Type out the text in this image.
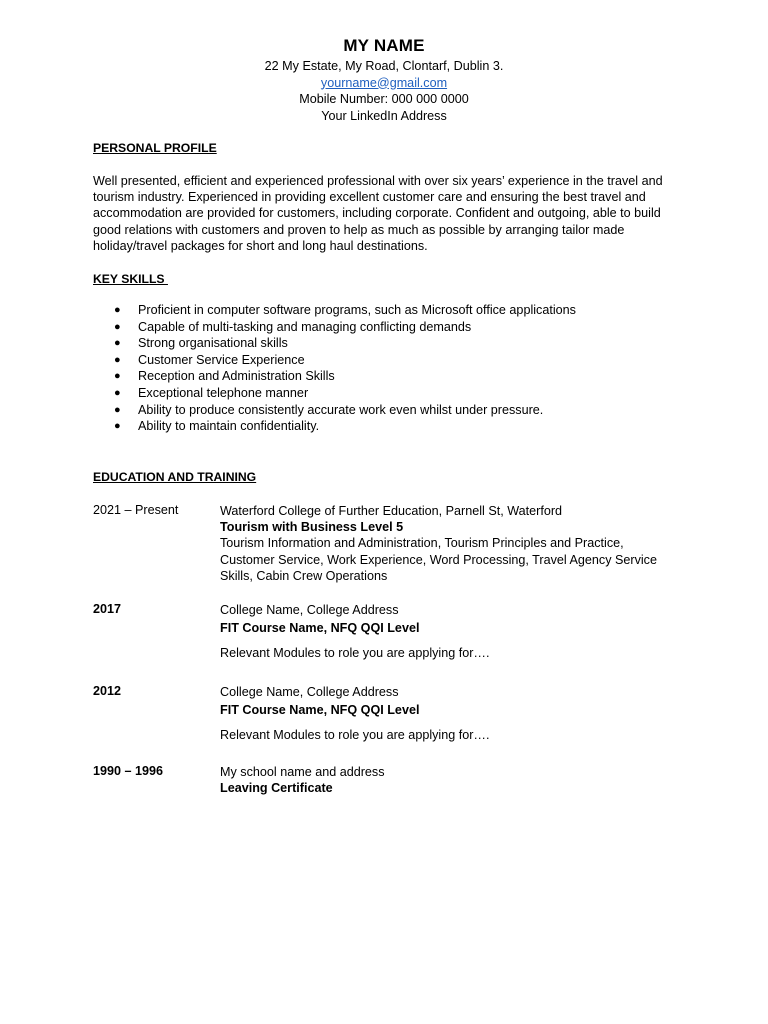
MY NAME
22 My Estate, My Road, Clontarf, Dublin 3.
yourname@gmail.com
Mobile Number: 000 000 0000
Your LinkedIn Address
PERSONAL PROFILE
Well presented, efficient and experienced professional with over six years’ experience in the travel and tourism industry. Experienced in providing excellent customer care and ensuring the best travel and accommodation are provided for customers, including corporate. Confident and outgoing, able to build good relations with customers and proven to help as much as possible by arranging tailor made holiday/travel packages for short and long haul destinations.
KEY SKILLS
● Proficient in computer software programs, such as Microsoft office applications
● Capable of multi-tasking and managing conflicting demands
● Strong organisational skills
● Customer Service Experience
● Reception and Administration Skills
● Exceptional telephone manner
● Ability to produce consistently accurate work even whilst under pressure.
● Ability to maintain confidentiality.
EDUCATION AND TRAINING
2021 – Present	Waterford College of Further Education, Parnell St, Waterford
Tourism with Business Level 5
Tourism Information and Administration, Tourism Principles and Practice, Customer Service, Work Experience, Word Processing, Travel Agency Service Skills, Cabin Crew Operations
2017	College Name, College Address
FIT Course Name, NFQ QQI Level
Relevant Modules to role you are applying for….
2012	College Name, College Address
FIT Course Name, NFQ QQI Level
Relevant Modules to role you are applying for….
1990 – 1996	My school name and address
Leaving Certificate
